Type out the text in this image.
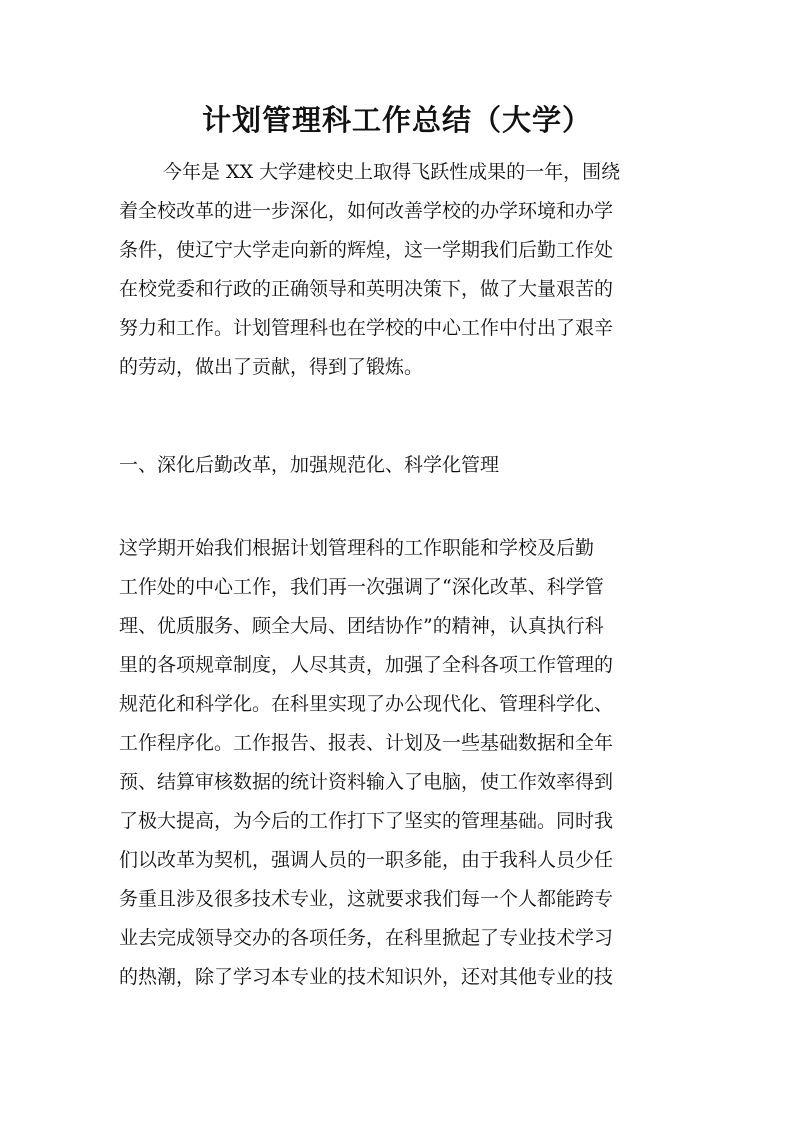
计划管理科工作总结（大学）
今年是 XX 大学建校史上取得飞跃性成果的一年，围绕
着全校改革的进一步深化，如何改善学校的办学环境和办学
条件，使辽宁大学走向新的辉煌，这一学期我们后勤工作处
在校党委和行政的正确领导和英明决策下，做了大量艰苦的
努力和工作。计划管理科也在学校的中心工作中付出了艰辛
的劳动，做出了贡献，得到了锻炼。
一、深化后勤改革，加强规范化、科学化管理
这学期开始我们根据计划管理科的工作职能和学校及后勤
工作处的中心工作，我们再一次强调了“深化改革、科学管
理、优质服务、顾全大局、团结协作”的精神，认真执行科
里的各项规章制度，人尽其责，加强了全科各项工作管理的
规范化和科学化。在科里实现了办公现代化、管理科学化、
工作程序化。工作报告、报表、计划及一些基础数据和全年
预、结算审核数据的统计资料输入了电脑，使工作效率得到
了极大提高，为今后的工作打下了坚实的管理基础。同时我
们以改革为契机，强调人员的一职多能，由于我科人员少任
务重且涉及很多技术专业，这就要求我们每一个人都能跨专
业去完成领导交办的各项任务，在科里掀起了专业技术学习
的热潮，除了学习本专业的技术知识外，还对其他专业的技
